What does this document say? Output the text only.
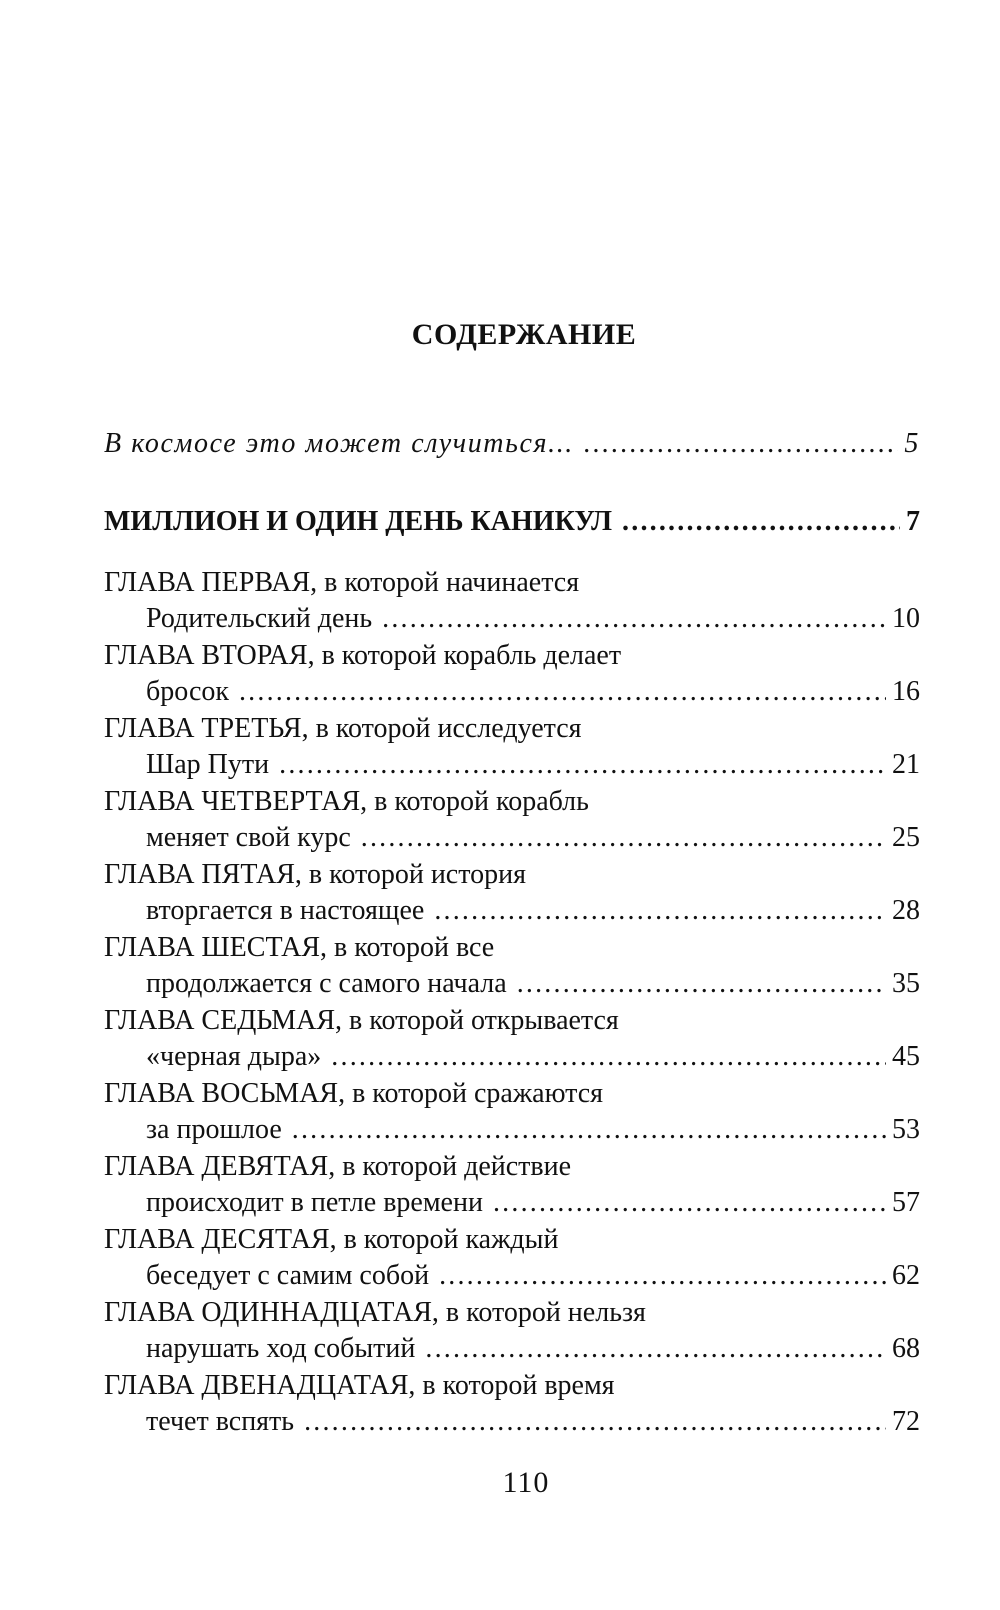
СОДЕРЖАНИЕ
В космосе это может случиться... .....	5
МИЛЛИОН И ОДИН ДЕНЬ КАНИКУЛ .....	7
ГЛАВА ПЕРВАЯ, в которой начинается
Родительский день .....	10
ГЛАВА ВТОРАЯ, в которой корабль делает
бросок .....	16
ГЛАВА ТРЕТЬЯ, в которой исследуется
Шар Пути .....	21
ГЛАВА ЧЕТВЕРТАЯ, в которой корабль
меняет свой курс .....	25
ГЛАВА ПЯТАЯ, в которой история
вторгается в настоящее .....	28
ГЛАВА ШЕСТАЯ, в которой все
продолжается с самого начала .....	35
ГЛАВА СЕДЬМАЯ, в которой открывается
«черная дыра» .....	45
ГЛАВА ВОСЬМАЯ, в которой сражаются
за прошлое .....	53
ГЛАВА ДЕВЯТАЯ, в которой действие
происходит в петле времени .....	57
ГЛАВА ДЕСЯТАЯ, в которой каждый
беседует с самим собой .....	62
ГЛАВА ОДИННАДЦАТАЯ, в которой нельзя
нарушать ход событий .....	68
ГЛАВА ДВЕНАДЦАТАЯ, в которой время
течет вспять .....	72
110
